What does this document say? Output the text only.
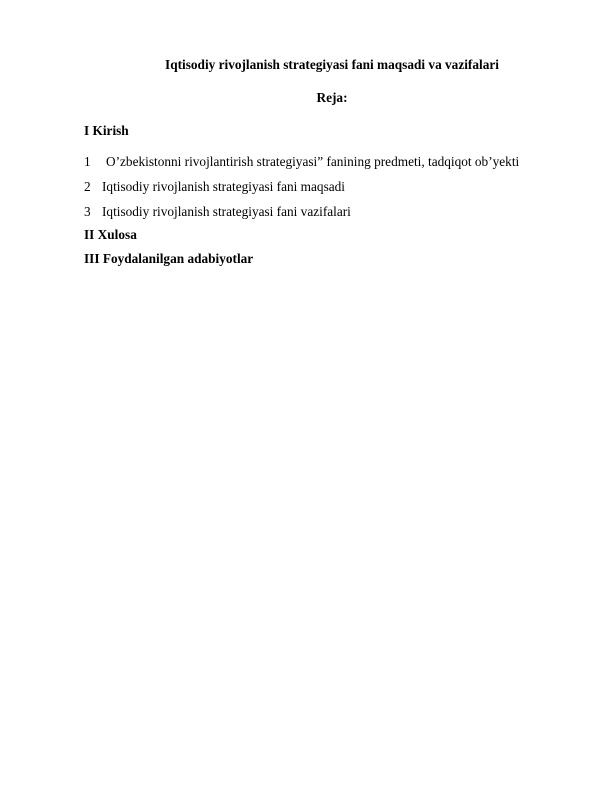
Iqtisodiy rivojlanish strategiyasi fani maqsadi va vazifalari

Reja:

I Kirish

1 O’zbekistonni rivojlantirish strategiyasi” fanining predmeti, tadqiqot ob’yekti

2 Iqtisodiy rivojlanish strategiyasi fani maqsadi

3 Iqtisodiy rivojlanish strategiyasi fani vazifalari

II Xulosa

III Foydalanilgan adabiyotlar
